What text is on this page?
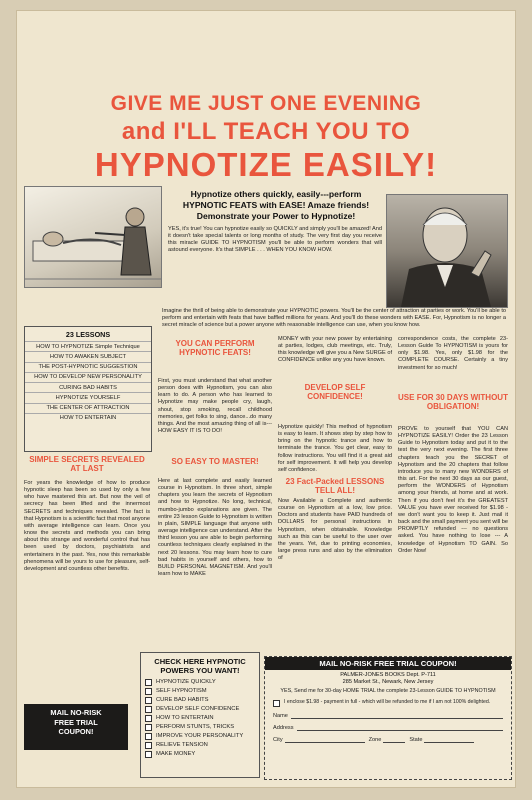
GIVE ME JUST ONE EVENING
and I'LL TEACH YOU TO
HYPNOTIZE EASILY!
Hypnotize others quickly, easily---perform
HYPNOTIC FEATS with EASE! Amaze friends!
Demonstrate your Power to Hypnotize!
YES, it's true! You can hypnotize easily so QUICKLY and simply you'll be amazed! And it doesn't take special talents or long months of study. The very first day you receive this miracle GUIDE TO HYPNOTISM you'll be able to perform wonders that will astound everyone. It's that SIMPLE . . . WHEN YOU KNOW HOW.
Imagine the thrill of being able to demonstrate your HYPNOTIC powers. You'll be the center of attraction at parties or work. You'll be able to perform and entertain with feats that have baffled millions for years. And you'll do these wonders with EASE. For, Hypnotism is no longer a secret miracle of science but a power anyone with reasonable intelligence can use, when you know how.
23 LESSONS
HOW TO HYPNOTIZE Simple Technique
HOW TO AWAKEN SUBJECT
THE POST-HYPNOTIC SUGGESTION
HOW TO DEVELOP NEW PERSONALITY
CURING BAD HABITS
HYPNOTIZE YOURSELF
THE CENTER OF ATTRACTION
HOW TO ENTERTAIN
SIMPLE SECRETS REVEALED AT LAST
For years the knowledge of how to produce hypnotic sleep has been so used by only a few who have mastered this art. But now the veil of secrecy has been lifted and the innermost SECRETS and techniques revealed. The fact is that Hypnotism is a scientific fact that most anyone with average intelligence can learn. Once you know the secrets and methods you can bring about this strange and wonderful control that has been used by doctors, psychiatrists and entertainers in the past. Yes, now this remarkable phenomena will be yours to use for pleasure, self-development and countless other benefits.
YOU CAN PERFORM HYPNOTIC FEATS!
First, you must understand that what another person does with Hypnotism, you can also learn to do. A person who has learned to Hypnotize may make people cry, laugh, shout, stop smoking, recall childhood memories, get folks to sing, dance...do many things. And the most amazing thing of all is---HOW EASY IT IS TO DO!
SO EASY TO MASTER!
Here at last complete and easily learned course in Hypnotism. In three short, simple chapters you learn the secrets of Hypnotism and how to Hypnotize. No long, technical, mumbo-jumbo explanations are given. The entire 23 lesson Guide to Hypnotism is written in plain, SIMPLE language that anyone with average intelligence can understand. After the third lesson you are able to begin performing countless techniques clearly explained in the next 20 lessons. You may learn how to cure bad habits in yourself and others, how to BUILD PERSONAL MAGNETISM. And you'll learn how to MAKE
MONEY with your new power by entertaining at parties, lodges, club meetings, etc. Truly, this knowledge will give you a New SURGE of CONFIDENCE unlike any you have known.
DEVELOP SELF CONFIDENCE!
Hypnotize quickly! This method of hypnotism is easy to learn. It shows step by step how to bring on the hypnotic trance and how to terminate the trance. You get clear, easy to follow instructions. You will find it a great aid for self improvement. It will help you develop self confidence.
23 Fact-Packed LESSONS TELL ALL!
Now Available a Complete and authentic course on Hypnotism at a low, low price. Doctors and students have PAID hundreds of DOLLARS for personal instructions in Hypnotism, when obtainable. Knowledge such as this can be useful to the user over the years. Yet, due to printing economies, large press runs and also by the elimination of
correspondence costs, the complete 23-Lesson Guide To HYPNOTISM is yours for only $1.98. Yes, only $1.98 for the COMPLETE COURSE. Certainly a tiny investment for so much!
USE FOR 30 DAYS WITHOUT OBLIGATION!
PROVE to yourself that YOU CAN HYPNOTIZE EASILY! Order the 23 Lesson Guide to Hypnotism today and put it to the test the very next evening. The first three chapters teach you the SECRET of Hypnotism and the 20 chapters that follow introduce you to many new WONDERS of this art. For the next 30 days as our guest, perform the WONDERS of Hypnotism among your friends, at home and at work. Then if you don't feel it's the GREATEST VALUE you have ever received for $1.98 - we don't want you to keep it. Just mail it back and the small payment you sent will be PROMPTLY refunded --- no questions asked. You have nothing to lose --- A knowledge of Hypnotism TO GAIN. So Order Now!
MAIL NO-RISK
FREE TRIAL
COUPON!
CHECK HERE HYPNOTIC POWERS YOU WANT!
HYPNOTIZE QUICKLY
SELF HYPNOTISM
CURE BAD HABITS
DEVELOP SELF CONFIDENCE
HOW TO ENTERTAIN
PERFORM STUNTS, TRICKS
IMPROVE YOUR PERSONALITY
RELIEVE TENSION
MAKE MONEY
MAIL NO-RISK FREE TRIAL COUPON!
PALMER-JONES BOOKS Dept. P-711
285 Market St., Newark, New Jersey
YES, Send me for 30-day HOME TRIAL the complete 23-Lesson GUIDE TO HYPNOTISM
I enclose $1.98 - payment in full - which will be refunded to me if I am not 100% delighted.
Name
Address
City	Zone	State
